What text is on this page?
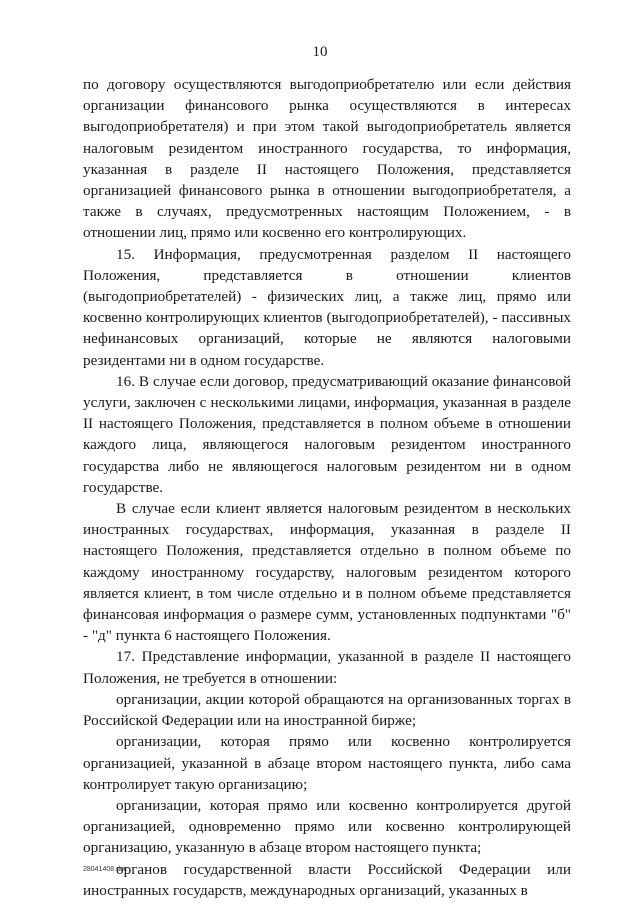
10

по договору осуществляются выгодоприобретателю или если действия организации финансового рынка осуществляются в интересах выгодоприобретателя) и при этом такой выгодоприобретатель является налоговым резидентом иностранного государства, то информация, указанная в разделе II настоящего Положения, представляется организацией финансового рынка в отношении выгодоприобретателя, а также в случаях, предусмотренных настоящим Положением, - в отношении лиц, прямо или косвенно его контролирующих.

15. Информация, предусмотренная разделом II настоящего Положения, представляется в отношении клиентов (выгодоприобретателей) - физических лиц, а также лиц, прямо или косвенно контролирующих клиентов (выгодоприобретателей), - пассивных нефинансовых организаций, которые не являются налоговыми резидентами ни в одном государстве.

16. В случае если договор, предусматривающий оказание финансовой услуги, заключен с несколькими лицами, информация, указанная в разделе II настоящего Положения, представляется в полном объеме в отношении каждого лица, являющегося налоговым резидентом иностранного государства либо не являющегося налоговым резидентом ни в одном государстве.

В случае если клиент является налоговым резидентом в нескольких иностранных государствах, информация, указанная в разделе II настоящего Положения, представляется отдельно в полном объеме по каждому иностранному государству, налоговым резидентом которого является клиент, в том числе отдельно и в полном объеме представляется финансовая информация о размере сумм, установленных подпунктами "б" - "д" пункта 6 настоящего Положения.

17. Представление информации, указанной в разделе II настоящего Положения, не требуется в отношении:

организации, акции которой обращаются на организованных торгах в Российской Федерации или на иностранной бирже;

организации, которая прямо или косвенно контролируется организацией, указанной в абзаце втором настоящего пункта, либо сама контролирует такую организацию;

организации, которая прямо или косвенно контролируется другой организацией, одновременно прямо или косвенно контролирующей организацию, указанную в абзаце втором настоящего пункта;

органов государственной власти Российской Федерации или иностранных государств, международных организаций, указанных в

28041408.doc
